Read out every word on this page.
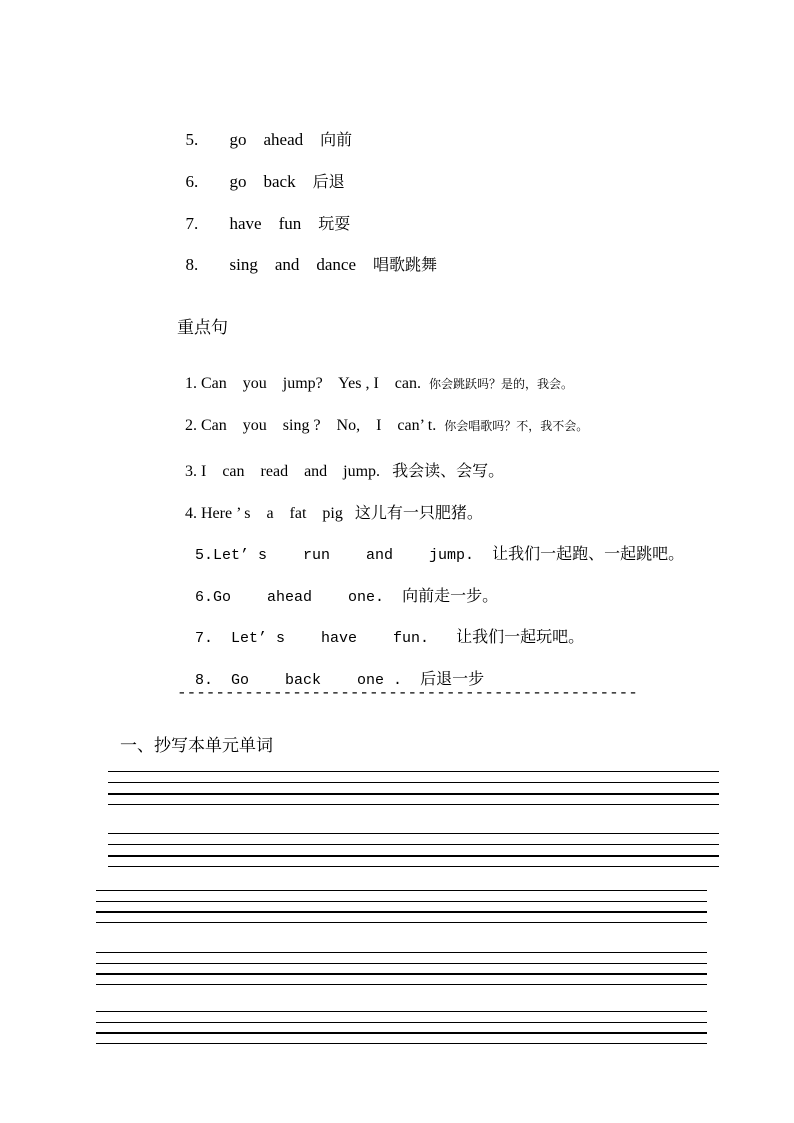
5. go    ahead 向前

6. go    back 后退

7. have    fun 玩耍

8. sing    and    dance 唱歌跳舞

重点句

1. Can    you    jump?    Yes , I    can. 你会跳跃吗？是的，我会。

2. Can    you    sing ?    No,    I    can’ t. 你会唱歌吗？不，我不会。

3. I    can    read    and    jump. 我会读、会写。

4. Here ’ s    a    fat    pig 这儿有一只肥猪。

5.Let’ s    run    and    jump. 让我们一起跑、一起跳吧。

6.Go    ahead    one. 向前走一步。

7.  Let’ s    have    fun. 让我们一起玩吧。

8.  Go    back    one . 后退一步

------------------------------------------------
一、抄写本单元单词
